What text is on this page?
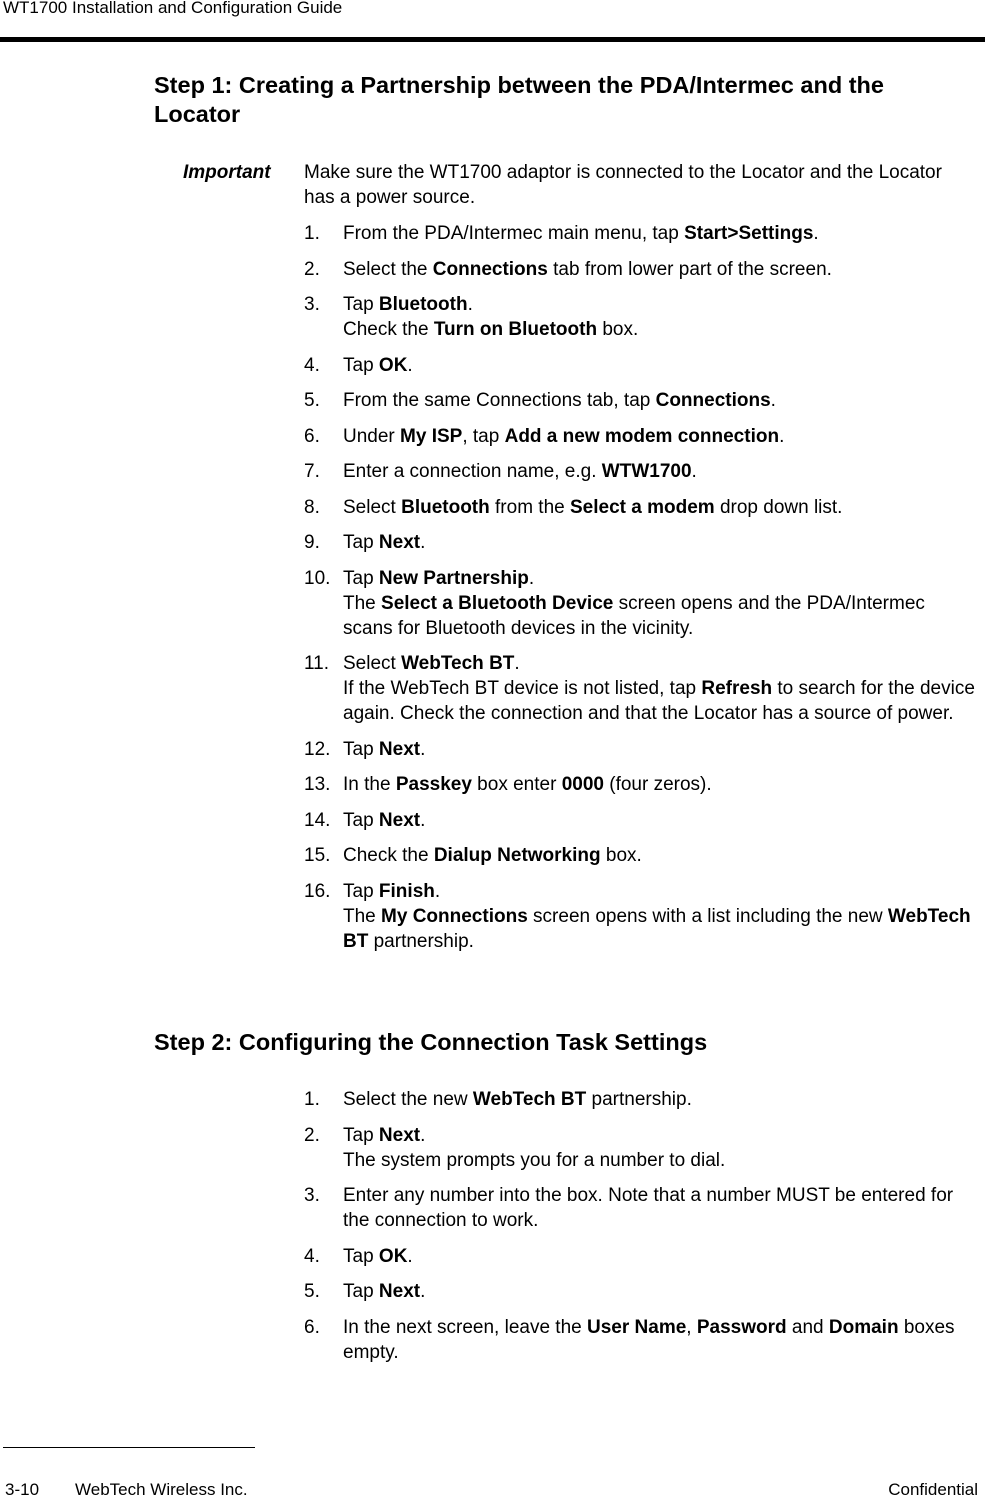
WT1700 Installation and Configuration Guide
Step 1: Creating a Partnership between the PDA/Intermec and the Locator
Important Make sure the WT1700 adaptor is connected to the Locator and the Locator has a power source.
1. From the PDA/Intermec main menu, tap Start>Settings.
2. Select the Connections tab from lower part of the screen.
3. Tap Bluetooth.
Check the Turn on Bluetooth box.
4. Tap OK.
5. From the same Connections tab, tap Connections.
6. Under My ISP, tap Add a new modem connection.
7. Enter a connection name, e.g. WTW1700.
8. Select Bluetooth from the Select a modem drop down list.
9. Tap Next.
10. Tap New Partnership.
The Select a Bluetooth Device screen opens and the PDA/Intermec scans for Bluetooth devices in the vicinity.
11. Select WebTech BT.
If the WebTech BT device is not listed, tap Refresh to search for the device again. Check the connection and that the Locator has a source of power.
12. Tap Next.
13. In the Passkey box enter 0000 (four zeros).
14. Tap Next.
15. Check the Dialup Networking box.
16. Tap Finish.
The My Connections screen opens with a list including the new WebTech BT partnership.
Step 2: Configuring the Connection Task Settings
1. Select the new WebTech BT partnership.
2. Tap Next.
The system prompts you for a number to dial.
3. Enter any number into the box. Note that a number MUST be entered for the connection to work.
4. Tap OK.
5. Tap Next.
6. In the next screen, leave the User Name, Password and Domain boxes empty.
3-10 WebTech Wireless Inc.	Confidential
